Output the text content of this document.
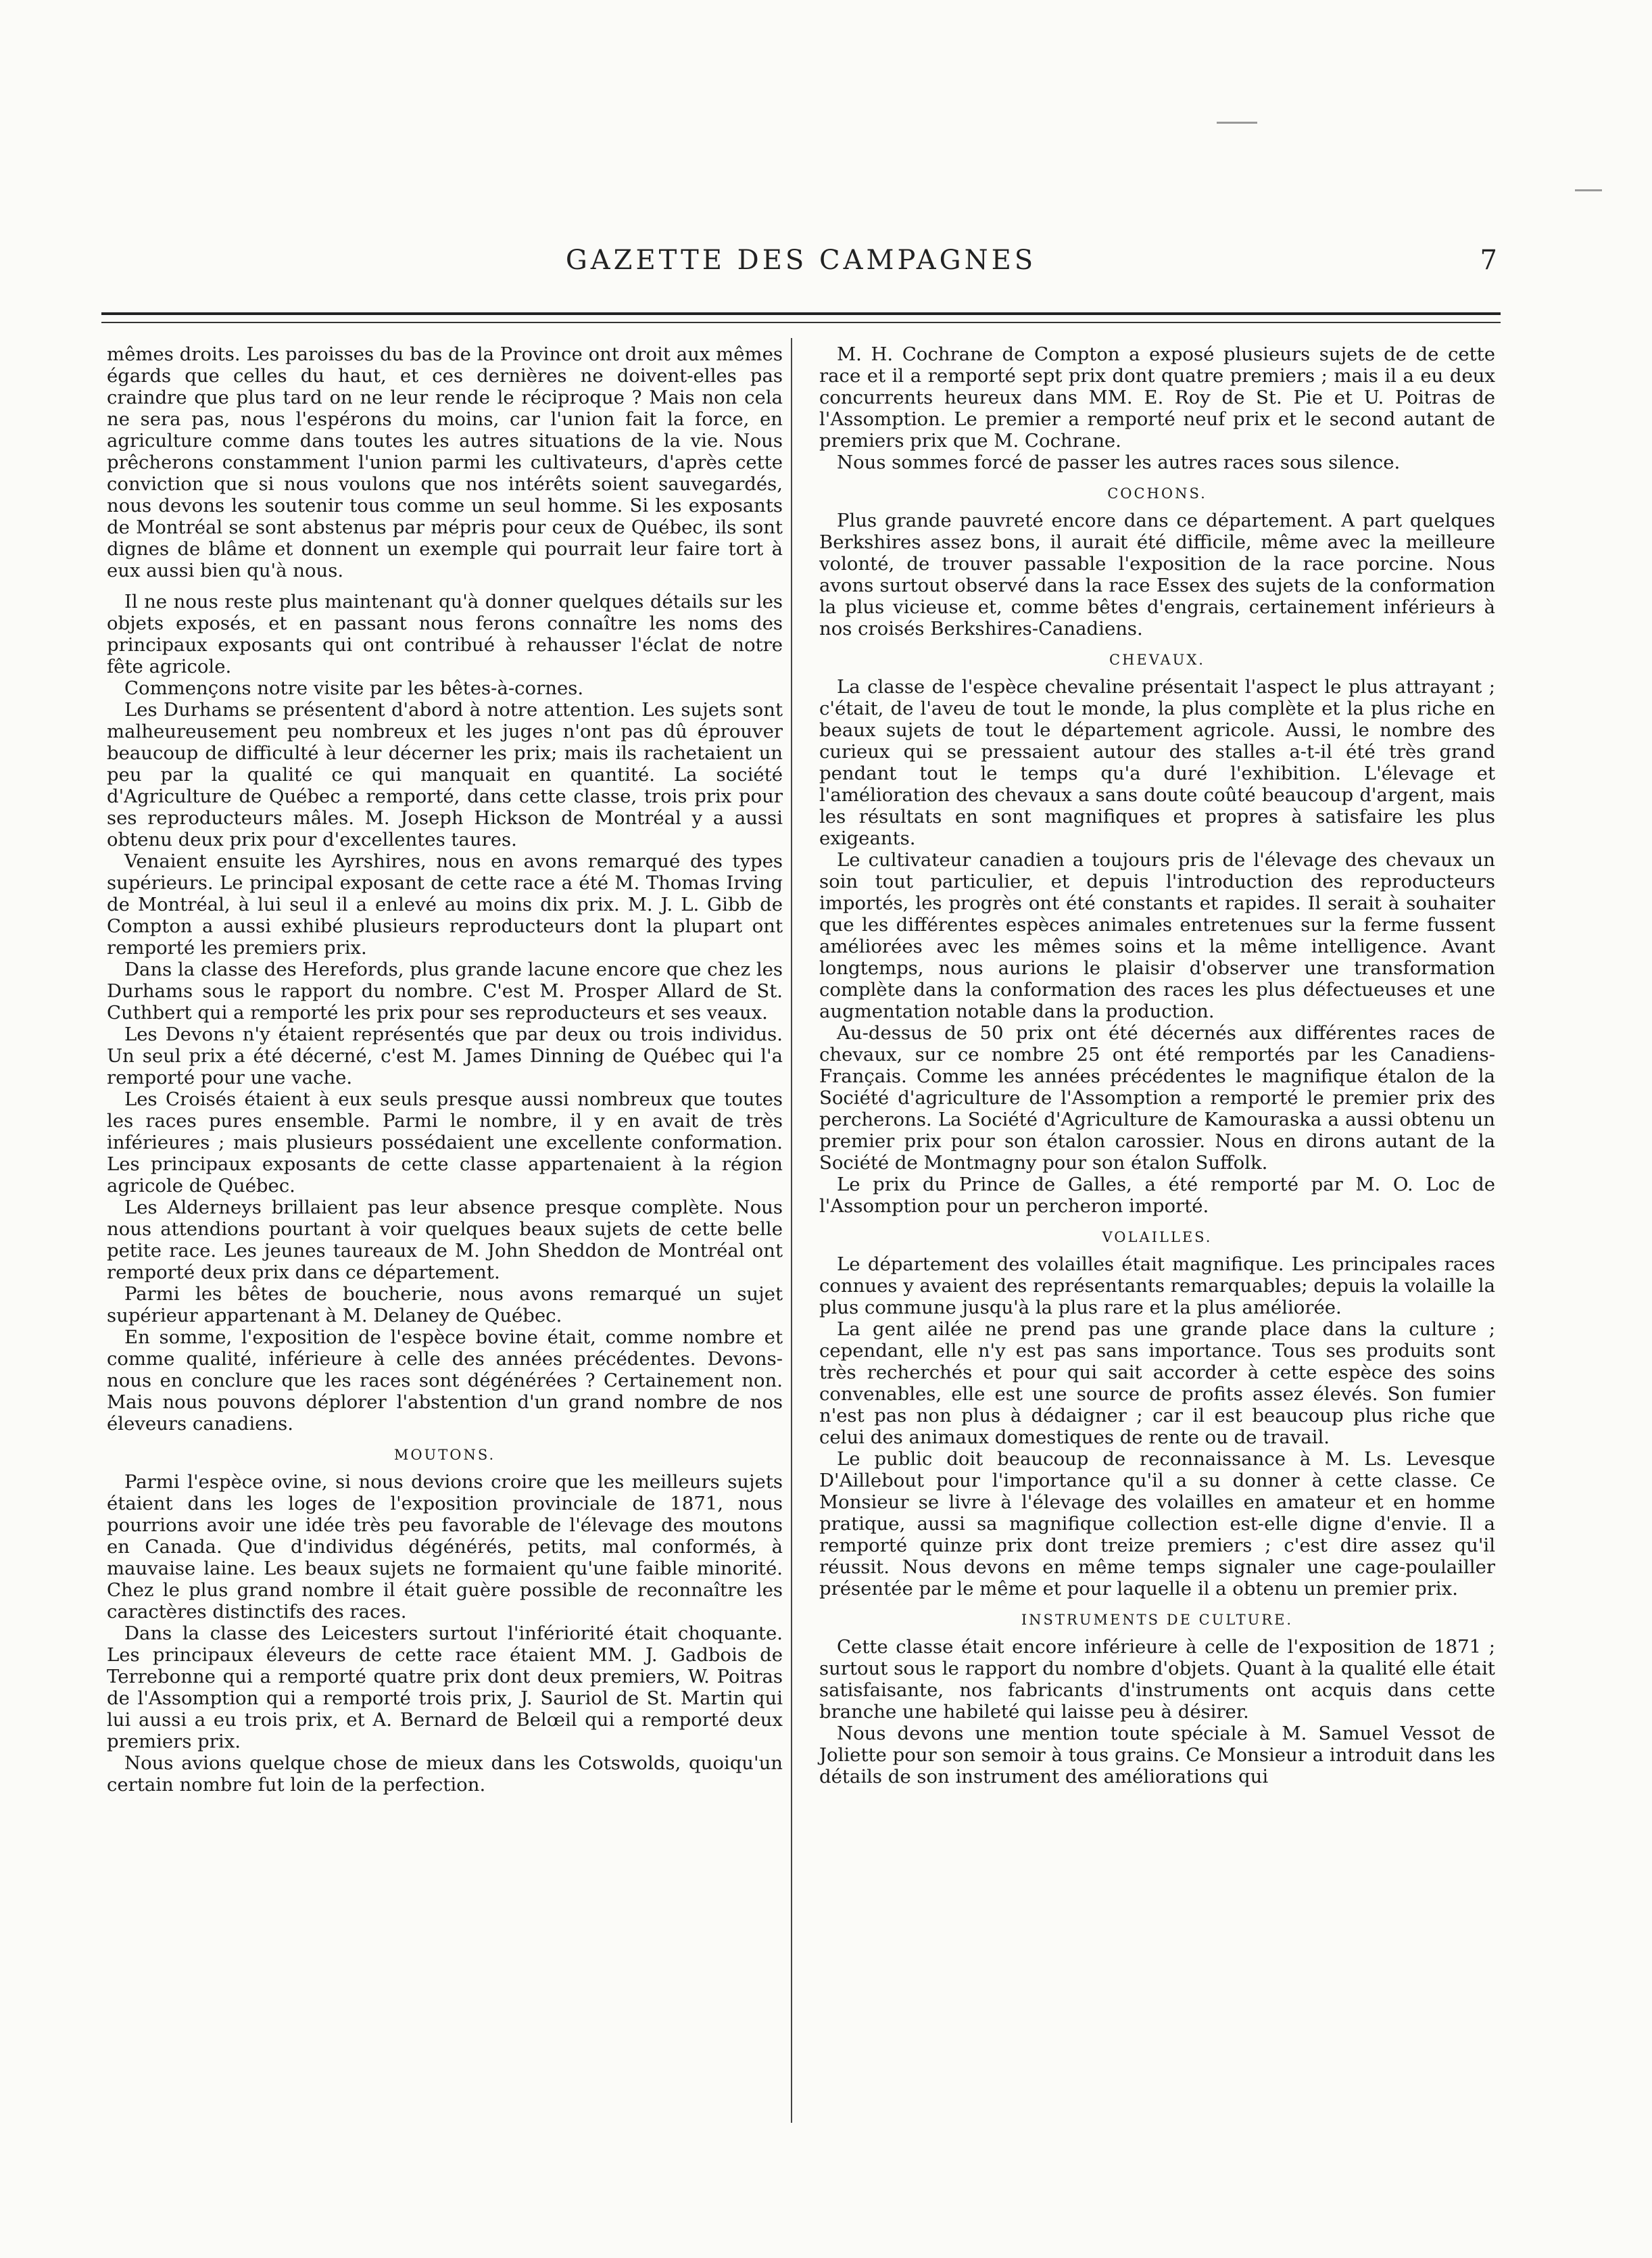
GAZETTE DES CAMPAGNES	7

mêmes droits. Les paroisses du bas de la Province ont droit aux mêmes égards que celles du haut, et ces dernières ne doivent-elles pas craindre que plus tard on ne leur rende le réciproque ? Mais non cela ne sera pas, nous l'espérons du moins, car l'union fait la force, en agriculture comme dans toutes les autres situations de la vie. Nous prêcherons constamment l'union parmi les cultivateurs, d'après cette conviction que si nous voulons que nos intérêts soient sauvegardés, nous devons les soutenir tous comme un seul homme. Si les exposants de Montréal se sont abstenus par mépris pour ceux de Québec, ils sont dignes de blâme et donnent un exemple qui pourrait leur faire tort à eux aussi bien qu'à nous.

Il ne nous reste plus maintenant qu'à donner quelques détails sur les objets exposés, et en passant nous ferons connaître les noms des principaux exposants qui ont contribué à rehausser l'éclat de notre fête agricole.

Commençons notre visite par les bêtes-à-cornes.

Les Durhams se présentent d'abord à notre attention. Les sujets sont malheureusement peu nombreux et les juges n'ont pas dû éprouver beaucoup de difficulté à leur décerner les prix; mais ils rachetaient un peu par la qualité ce qui manquait en quantité. La société d'Agriculture de Québec a remporté, dans cette classe, trois prix pour ses reproducteurs mâles. M. Joseph Hickson de Montréal y a aussi obtenu deux prix pour d'excellentes taures.

Venaient ensuite les Ayrshires, nous en avons remarqué des types supérieurs. Le principal exposant de cette race a été M. Thomas Irving de Montréal, à lui seul il a enlevé au moins dix prix. M. J. L. Gibb de Compton a aussi exhibé plusieurs reproducteurs dont la plupart ont remporté les premiers prix.

Dans la classe des Herefords, plus grande lacune encore que chez les Durhams sous le rapport du nombre. C'est M. Prosper Allard de St. Cuthbert qui a remporté les prix pour ses reproducteurs et ses veaux.

Les Devons n'y étaient représentés que par deux ou trois individus. Un seul prix a été décerné, c'est M. James Dinning de Québec qui l'a remporté pour une vache.

Les Croisés étaient à eux seuls presque aussi nombreux que toutes les races pures ensemble. Parmi le nombre, il y en avait de très inférieures ; mais plusieurs possédaient une excellente conformation. Les principaux exposants de cette classe appartenaient à la région agricole de Québec.

Les Alderneys brillaient pas leur absence presque complète. Nous nous attendions pourtant à voir quelques beaux sujets de cette belle petite race. Les jeunes taureaux de M. John Sheddon de Montréal ont remporté deux prix dans ce département.

Parmi les bêtes de boucherie, nous avons remarqué un sujet supérieur appartenant à M. Delaney de Québec.

En somme, l'exposition de l'espèce bovine était, comme nombre et comme qualité, inférieure à celle des années précédentes. Devons-nous en conclure que les races sont dégénérées ? Certainement non. Mais nous pouvons déplorer l'abstention d'un grand nombre de nos éleveurs canadiens.

MOUTONS.

Parmi l'espèce ovine, si nous devions croire que les meilleurs sujets étaient dans les loges de l'exposition provinciale de 1871, nous pourrions avoir une idée très peu favorable de l'élevage des moutons en Canada. Que d'individus dégénérés, petits, mal conformés, à mauvaise laine. Les beaux sujets ne formaient qu'une faible minorité. Chez le plus grand nombre il était guère possible de reconnaître les caractères distinctifs des races.

Dans la classe des Leicesters surtout l'infériorité était choquante. Les principaux éleveurs de cette race étaient MM. J. Gadbois de Terrebonne qui a remporté quatre prix dont deux premiers, W. Poitras de l'Assomption qui a remporté trois prix, J. Sauriol de St. Martin qui lui aussi a eu trois prix, et A. Bernard de Belœil qui a remporté deux premiers prix.

Nous avions quelque chose de mieux dans les Cotswolds, quoiqu'un certain nombre fut loin de la perfection.

M. H. Cochrane de Compton a exposé plusieurs sujets de de cette race et il a remporté sept prix dont quatre premiers ; mais il a eu deux concurrents heureux dans MM. E. Roy de St. Pie et U. Poitras de l'Assomption. Le premier a remporté neuf prix et le second autant de premiers prix que M. Cochrane.

Nous sommes forcé de passer les autres races sous silence.

COCHONS.

Plus grande pauvreté encore dans ce département. A part quelques Berkshires assez bons, il aurait été difficile, même avec la meilleure volonté, de trouver passable l'exposition de la race porcine. Nous avons surtout observé dans la race Essex des sujets de la conformation la plus vicieuse et, comme bêtes d'engrais, certainement inférieurs à nos croisés Berkshires-Canadiens.

CHEVAUX.

La classe de l'espèce chevaline présentait l'aspect le plus attrayant ; c'était, de l'aveu de tout le monde, la plus complète et la plus riche en beaux sujets de tout le département agricole. Aussi, le nombre des curieux qui se pressaient autour des stalles a-t-il été très grand pendant tout le temps qu'a duré l'exhibition. L'élevage et l'amélioration des chevaux a sans doute coûté beaucoup d'argent, mais les résultats en sont magnifiques et propres à satisfaire les plus exigeants.

Le cultivateur canadien a toujours pris de l'élevage des chevaux un soin tout particulier, et depuis l'introduction des reproducteurs importés, les progrès ont été constants et rapides. Il serait à souhaiter que les différentes espèces animales entretenues sur la ferme fussent améliorées avec les mêmes soins et la même intelligence. Avant longtemps, nous aurions le plaisir d'observer une transformation complète dans la conformation des races les plus défectueuses et une augmentation notable dans la production.

Au-dessus de 50 prix ont été décernés aux différentes races de chevaux, sur ce nombre 25 ont été remportés par les Canadiens-Français. Comme les années précédentes le magnifique étalon de la Société d'agriculture de l'Assomption a remporté le premier prix des percherons. La Société d'Agriculture de Kamouraska a aussi obtenu un premier prix pour son étalon carossier. Nous en dirons autant de la Société de Montmagny pour son étalon Suffolk.

Le prix du Prince de Galles, a été remporté par M. O. Loc de l'Assomption pour un percheron importé.

VOLAILLES.

Le département des volailles était magnifique. Les principales races connues y avaient des représentants remarquables; depuis la volaille la plus commune jusqu'à la plus rare et la plus améliorée.

La gent ailée ne prend pas une grande place dans la culture ; cependant, elle n'y est pas sans importance. Tous ses produits sont très recherchés et pour qui sait accorder à cette espèce des soins convenables, elle est une source de profits assez élevés. Son fumier n'est pas non plus à dédaigner ; car il est beaucoup plus riche que celui des animaux domestiques de rente ou de travail.

Le public doit beaucoup de reconnaissance à M. Ls. Levesque D'Aillebout pour l'importance qu'il a su donner à cette classe. Ce Monsieur se livre à l'élevage des volailles en amateur et en homme pratique, aussi sa magnifique collection est-elle digne d'envie. Il a remporté quinze prix dont treize premiers ; c'est dire assez qu'il réussit. Nous devons en même temps signaler une cage-poulailler présentée par le même et pour laquelle il a obtenu un premier prix.

INSTRUMENTS DE CULTURE.

Cette classe était encore inférieure à celle de l'exposition de 1871 ; surtout sous le rapport du nombre d'objets. Quant à la qualité elle était satisfaisante, nos fabricants d'instruments ont acquis dans cette branche une habileté qui laisse peu à désirer.

Nous devons une mention toute spéciale à M. Samuel Vessot de Joliette pour son semoir à tous grains. Ce Monsieur a introduit dans les détails de son instrument des améliorations qui
